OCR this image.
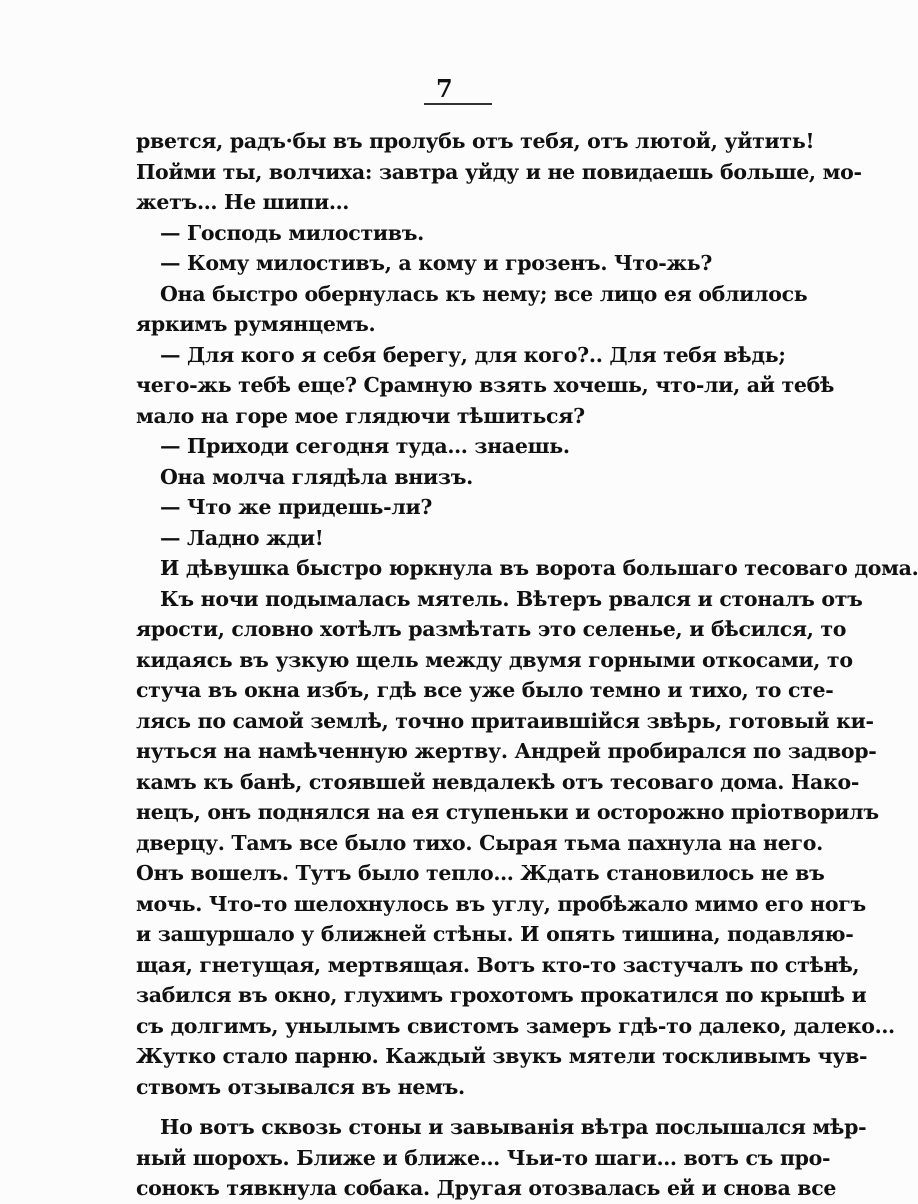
7
рвется, радъ·бы въ пролубь отъ тебя, отъ лютой, уйтить!
Пойми ты, волчиха: завтра уйду и не повидаешь больше, мо-
жетъ… Не шипи…
— Господь милостивъ.
— Кому милостивъ, а кому и грозенъ. Что-жь?
Она быстро обернулась къ нему; все лицо ея облилось
яркимъ румянцемъ.
— Для кого я себя берегу, для кого?.. Для тебя вѣдь;
чего-жь тебѣ еще? Срамную взять хочешь, что-ли, ай тебѣ
мало на горе мое глядючи тѣшиться?
— Приходи сегодня туда… знаешь.
Она молча глядѣла внизъ.
— Что же придешь-ли?
— Ладно жди!
И дѣвушка быстро юркнула въ ворота большаго тесоваго дома.
Къ ночи подымалась мятель. Вѣтеръ рвался и стоналъ отъ
ярости, словно хотѣлъ размѣтать это селенье, и бѣсился, то
кидаясь въ узкую щель между двумя горными откосами, то
стуча въ окна избъ, гдѣ все уже было темно и тихо, то сте-
лясь по самой землѣ, точно притаившійся звѣрь, готовый ки-
нуться на намѣченную жертву. Андрей пробирался по задвор-
камъ къ банѣ, стоявшей невдалекѣ отъ тесоваго дома. Нако-
нецъ, онъ поднялся на ея ступеньки и осторожно пріотворилъ
дверцу. Тамъ все было тихо. Сырая тьма пахнула на него.
Онъ вошелъ. Тутъ было тепло… Ждать становилось не въ
мочь. Что-то шелохнулось въ углу, пробѣжало мимо его ногъ
и зашуршало у ближней стѣны. И опять тишина, подавляю-
щая, гнетущая, мертвящая. Вотъ кто-то застучалъ по стѣнѣ,
забился въ окно, глухимъ грохотомъ прокатился по крышѣ и
съ долгимъ, унылымъ свистомъ замеръ гдѣ-то далеко, далеко…
Жутко стало парню. Каждый звукъ мятели тоскливымъ чув-
ствомъ отзывался въ немъ.
Но вотъ сквозь стоны и завыванія вѣтра послышался мѣр-
ный шорохъ. Ближе и ближе… Чьи-то шаги… вотъ съ про-
сонокъ тявкнула собака. Другая отозвалась ей и снова все
